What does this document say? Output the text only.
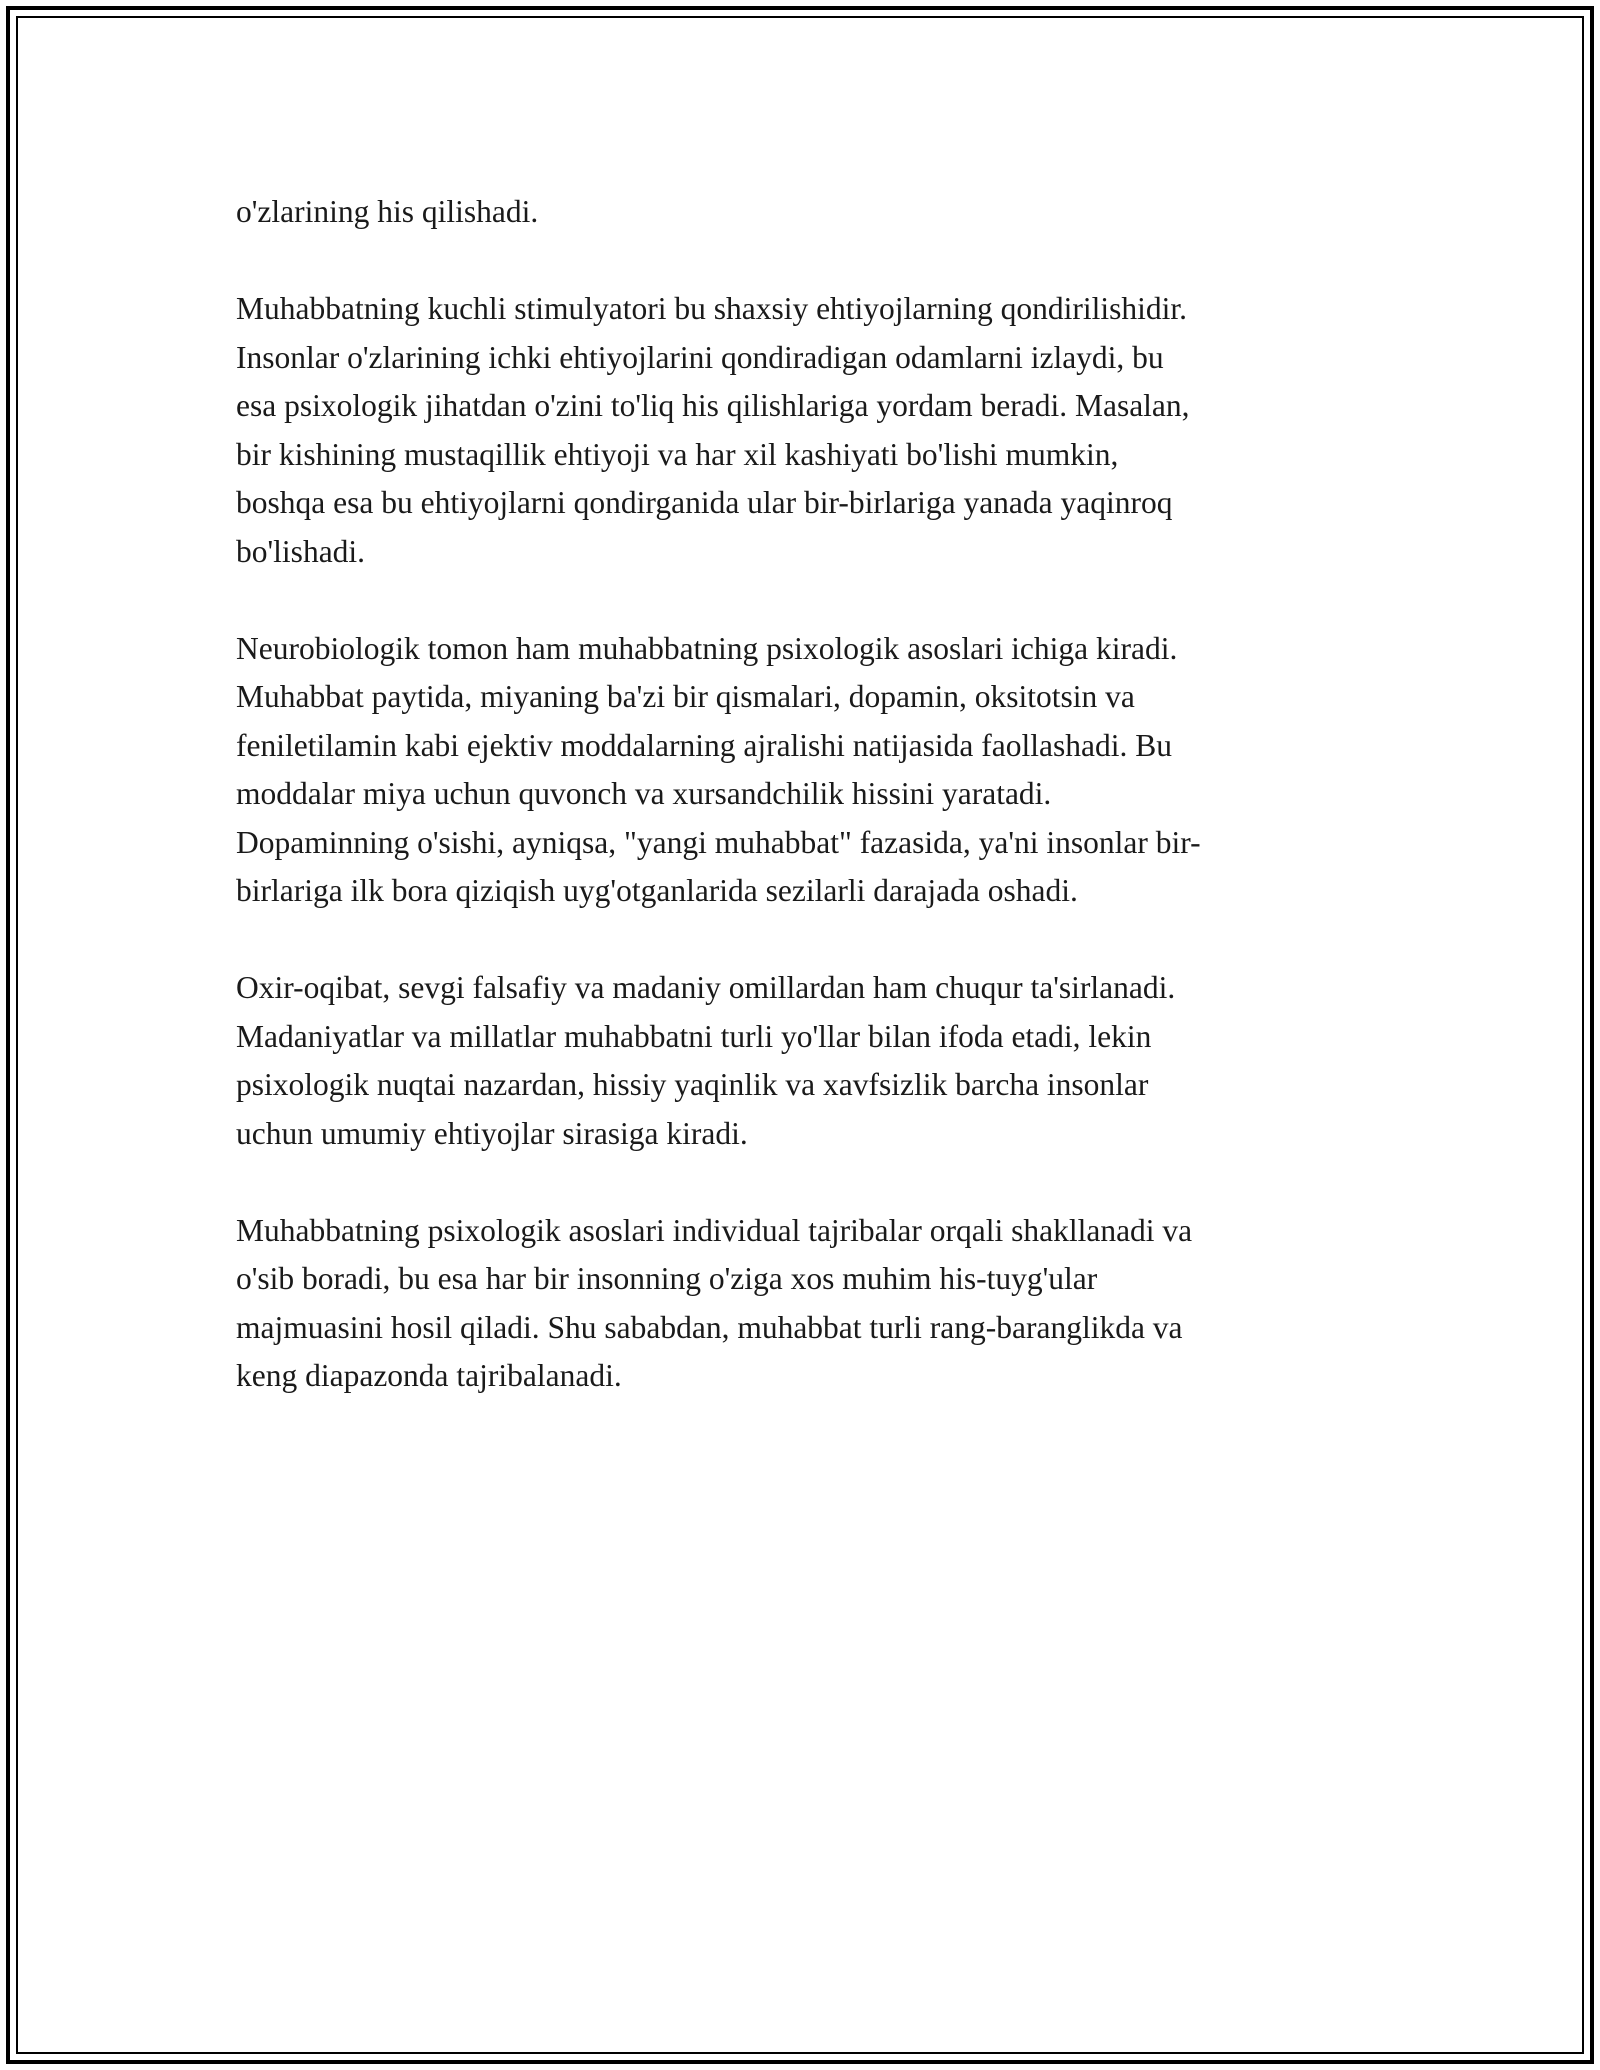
o'zlarining his qilishadi.

Muhabbatning kuchli stimulyatori bu shaxsiy ehtiyojlarning qondirilishidir.
Insonlar o'zlarining ichki ehtiyojlarini qondiradigan odamlarni izlaydi, bu
esa psixologik jihatdan o'zini to'liq his qilishlariga yordam beradi. Masalan,
bir kishining mustaqillik ehtiyoji va har xil kashiyati bo'lishi mumkin,
boshqa esa bu ehtiyojlarni qondirganida ular bir-birlariga yanada yaqinroq
bo'lishadi.

Neurobiologik tomon ham muhabbatning psixologik asoslari ichiga kiradi.
Muhabbat paytida, miyaning ba'zi bir qismalari, dopamin, oksitotsin va
feniletilamin kabi ejektiv moddalarning ajralishi natijasida faollashadi. Bu
moddalar miya uchun quvonch va xursandchilik hissini yaratadi.
Dopaminning o'sishi, ayniqsa, "yangi muhabbat" fazasida, ya'ni insonlar bir-
birlariga ilk bora qiziqish uyg'otganlarida sezilarli darajada oshadi.

Oxir-oqibat, sevgi falsafiy va madaniy omillardan ham chuqur ta'sirlanadi.
Madaniyatlar va millatlar muhabbatni turli yo'llar bilan ifoda etadi, lekin
psixologik nuqtai nazardan, hissiy yaqinlik va xavfsizlik barcha insonlar
uchun umumiy ehtiyojlar sirasiga kiradi.

Muhabbatning psixologik asoslari individual tajribalar orqali shakllanadi va
o'sib boradi, bu esa har bir insonning o'ziga xos muhim his-tuyg'ular
majmuasini hosil qiladi. Shu sababdan, muhabbat turli rang-baranglikda va
keng diapazonda tajribalanadi.
